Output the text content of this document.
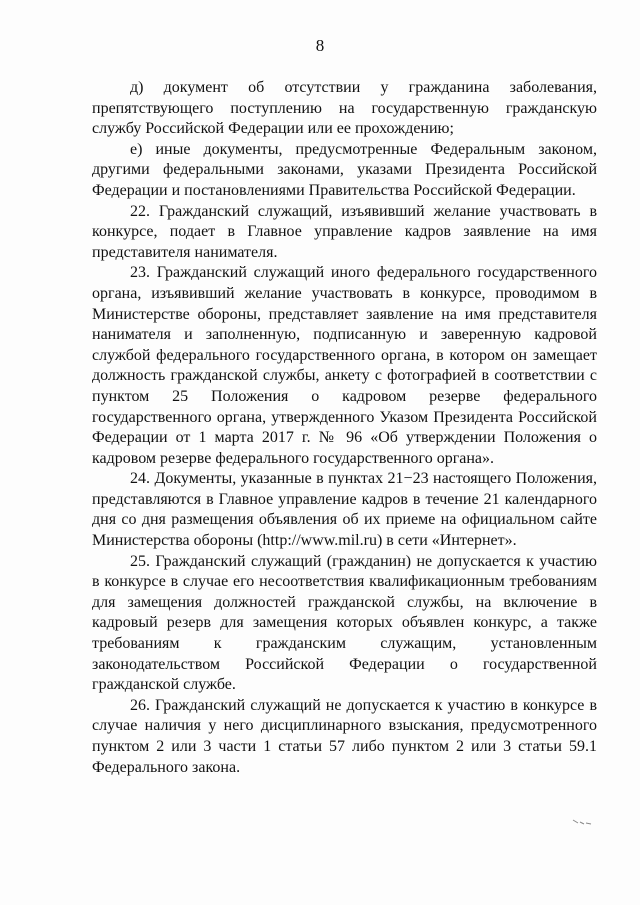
8

д) документ об отсутствии у гражданина заболевания, препятствующего поступлению на государственную гражданскую службу Российской Федерации или ее прохождению;

е) иные документы, предусмотренные Федеральным законом, другими федеральными законами, указами Президента Российской Федерации и постановлениями Правительства Российской Федерации.

22. Гражданский служащий, изъявивший желание участвовать в конкурсе, подает в Главное управление кадров заявление на имя представителя нанимателя.

23. Гражданский служащий иного федерального государственного органа, изъявивший желание участвовать в конкурсе, проводимом в Министерстве обороны, представляет заявление на имя представителя нанимателя и заполненную, подписанную и заверенную кадровой службой федерального государственного органа, в котором он замещает должность гражданской службы, анкету с фотографией в соответствии с пунктом 25 Положения о кадровом резерве федерального государственного органа, утвержденного Указом Президента Российской Федерации от 1 марта 2017 г. № 96 «Об утверждении Положения о кадровом резерве федерального государственного органа».

24. Документы, указанные в пунктах 21−23 настоящего Положения, представляются в Главное управление кадров в течение 21 календарного дня со дня размещения объявления об их приеме на официальном сайте Министерства обороны (http://www.mil.ru) в сети «Интернет».

25. Гражданский служащий (гражданин) не допускается к участию в конкурсе в случае его несоответствия квалификационным требованиям для замещения должностей гражданской службы, на включение в кадровый резерв для замещения которых объявлен конкурс, а также требованиям к гражданским служащим, установленным законодательством Российской Федерации о государственной гражданской службе.

26. Гражданский служащий не допускается к участию в конкурсе в случае наличия у него дисциплинарного взыскания, предусмотренного пунктом 2 или 3 части 1 статьи 57 либо пунктом 2 или 3 статьи 59.1 Федерального закона.
